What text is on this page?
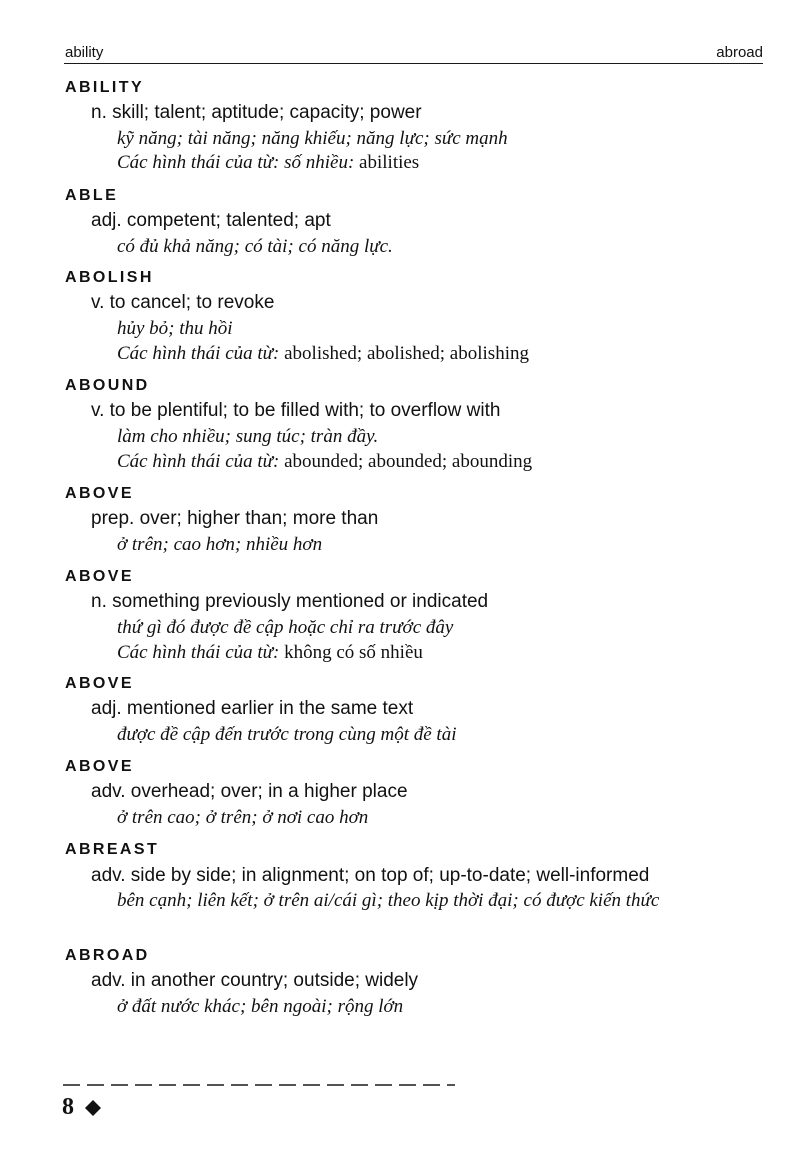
ability	abroad
ABILITY
n. skill; talent; aptitude; capacity; power
kỹ năng; tài năng; năng khiếu; năng lực; sức mạnh
Các hình thái của từ: số nhiều: abilities
ABLE
adj. competent; talented; apt
có đủ khả năng; có tài; có năng lực.
ABOLISH
v. to cancel; to revoke
hủy bỏ; thu hồi
Các hình thái của từ: abolished; abolished; abolishing
ABOUND
v. to be plentiful; to be filled with; to overflow with
làm cho nhiều; sung túc; tràn đầy.
Các hình thái của từ: abounded; abounded; abounding
ABOVE
prep. over; higher than; more than
ở trên; cao hơn; nhiều hơn
ABOVE
n. something previously mentioned or indicated
thứ gì đó được đề cập hoặc chỉ ra trước đây
Các hình thái của từ: không có số nhiều
ABOVE
adj. mentioned earlier in the same text
được đề cập đến trước trong cùng một đề tài
ABOVE
adv. overhead; over; in a higher place
ở trên cao; ở trên; ở nơi cao hơn
ABREAST
adv. side by side; in alignment; on top of; up-to-date; well-informed
bên cạnh; liên kết; ở trên ai/cái gì; theo kịp thời đại; có được kiến thức
ABROAD
adv. in another country; outside; widely
ở đất nước khác; bên ngoài; rộng lớn
8
